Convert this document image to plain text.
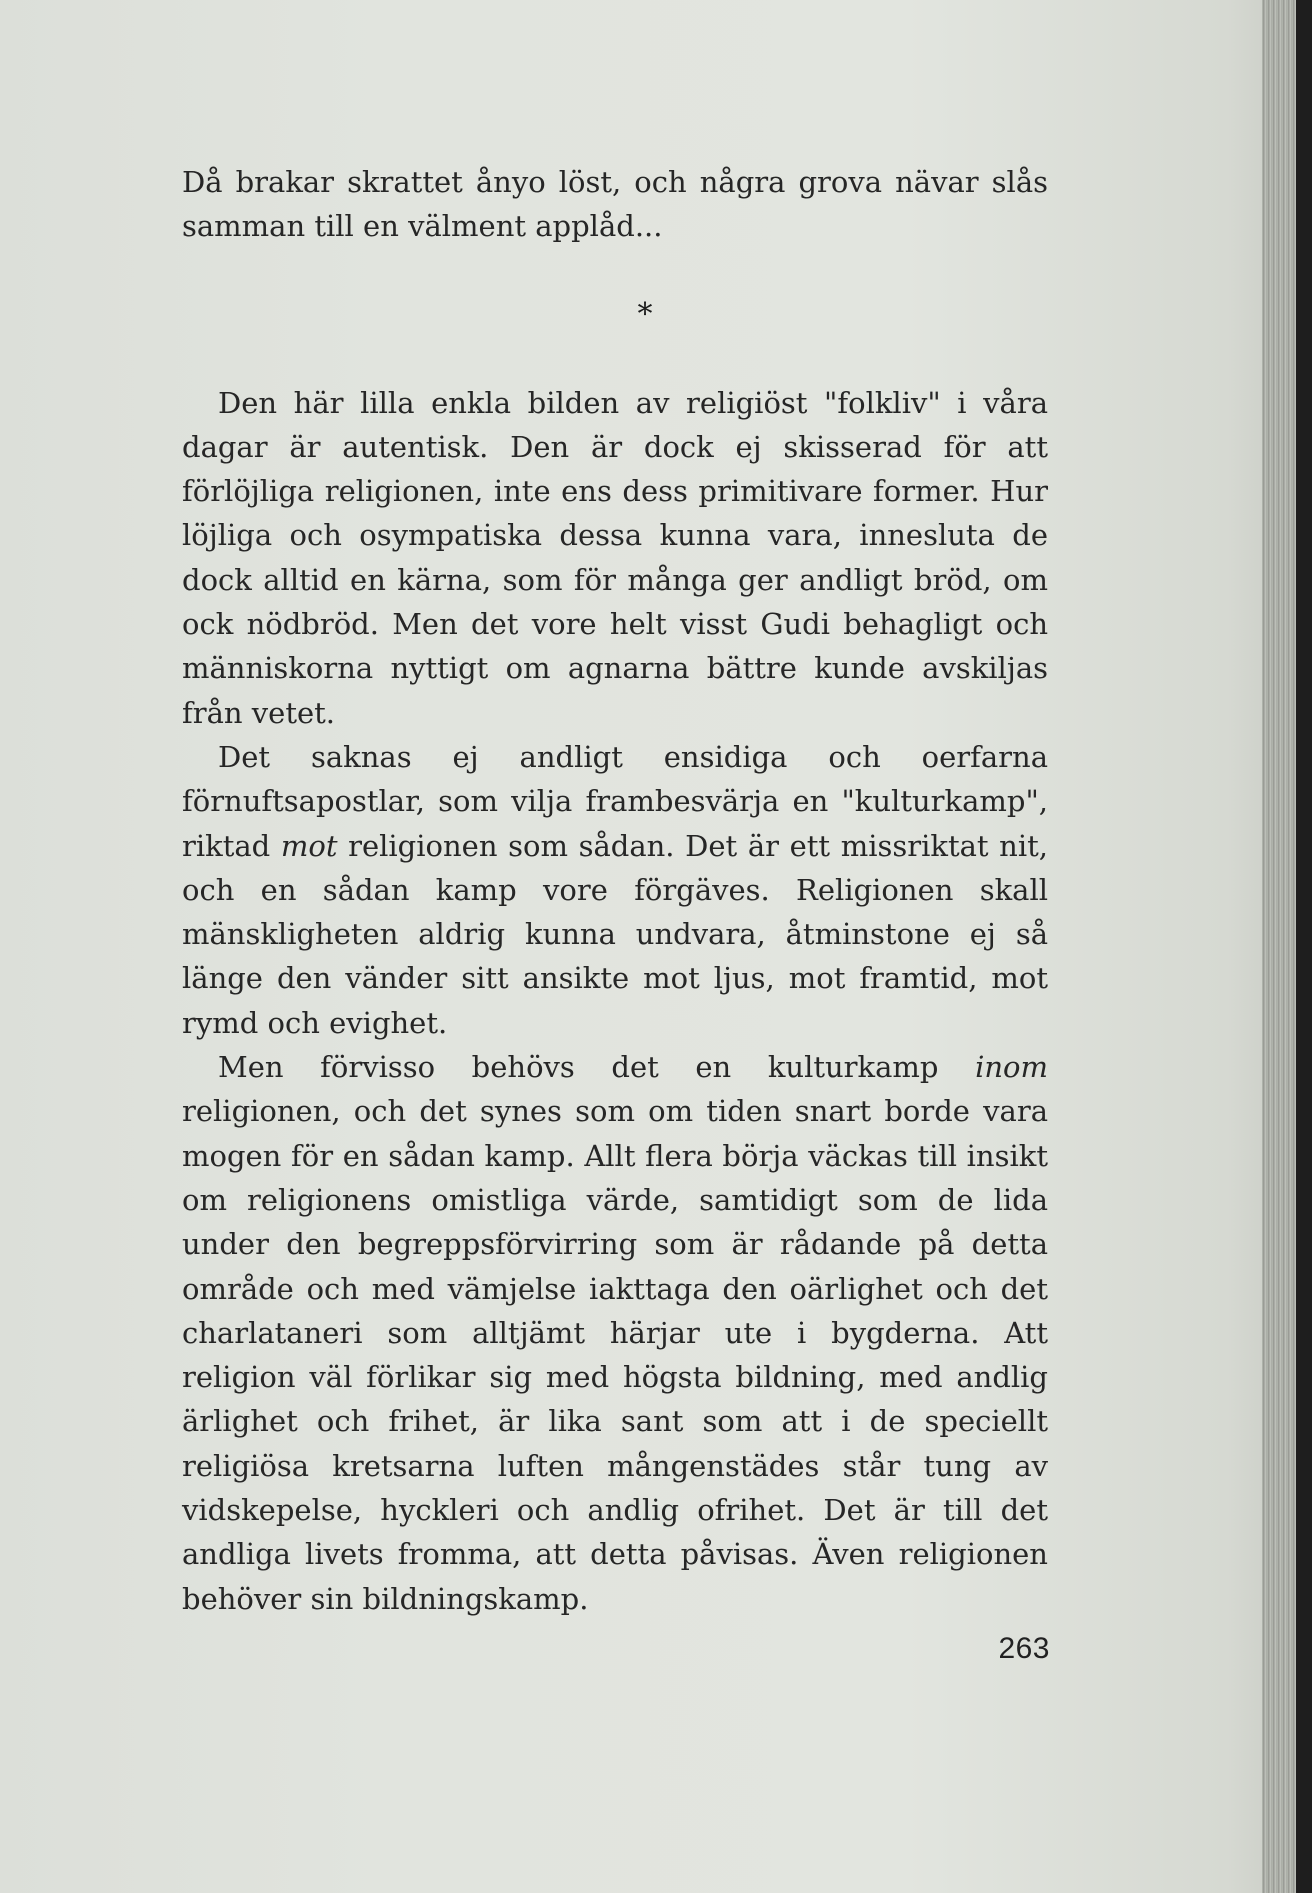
Då brakar skrattet ånyo löst, och några grova nävar slås samman till en välment applåd...

*

Den här lilla enkla bilden av religiöst "folkliv" i våra dagar är autentisk. Den är dock ej skisserad för att förlöjliga religionen, inte ens dess primitivare former. Hur löjliga och osympatiska dessa kunna vara, innesluta de dock alltid en kärna, som för många ger andligt bröd, om ock nödbröd. Men det vore helt visst Gudi behagligt och människorna nyttigt om agnarna bättre kunde avskiljas från vetet.

Det saknas ej andligt ensidiga och oerfarna förnuftsapostlar, som vilja frambesvärja en "kulturkamp", riktad mot religionen som sådan. Det är ett missriktat nit, och en sådan kamp vore förgäves. Religionen skall mänskligheten aldrig kunna undvara, åtminstone ej så länge den vänder sitt ansikte mot ljus, mot framtid, mot rymd och evighet.

Men förvisso behövs det en kulturkamp inom religionen, och det synes som om tiden snart borde vara mogen för en sådan kamp. Allt flera börja väckas till insikt om religionens omistliga värde, samtidigt som de lida under den begreppsförvirring som är rådande på detta område och med vämjelse iakttaga den oärlighet och det charlataneri som alltjämt härjar ute i bygderna. Att religion väl förlikar sig med högsta bildning, med andlig ärlighet och frihet, är lika sant som att i de speciellt religiösa kretsarna luften mångenstädes står tung av vidskepelse, hyckleri och andlig ofrihet. Det är till det andliga livets fromma, att detta påvisas. Även religionen behöver sin bildningskamp.

263
